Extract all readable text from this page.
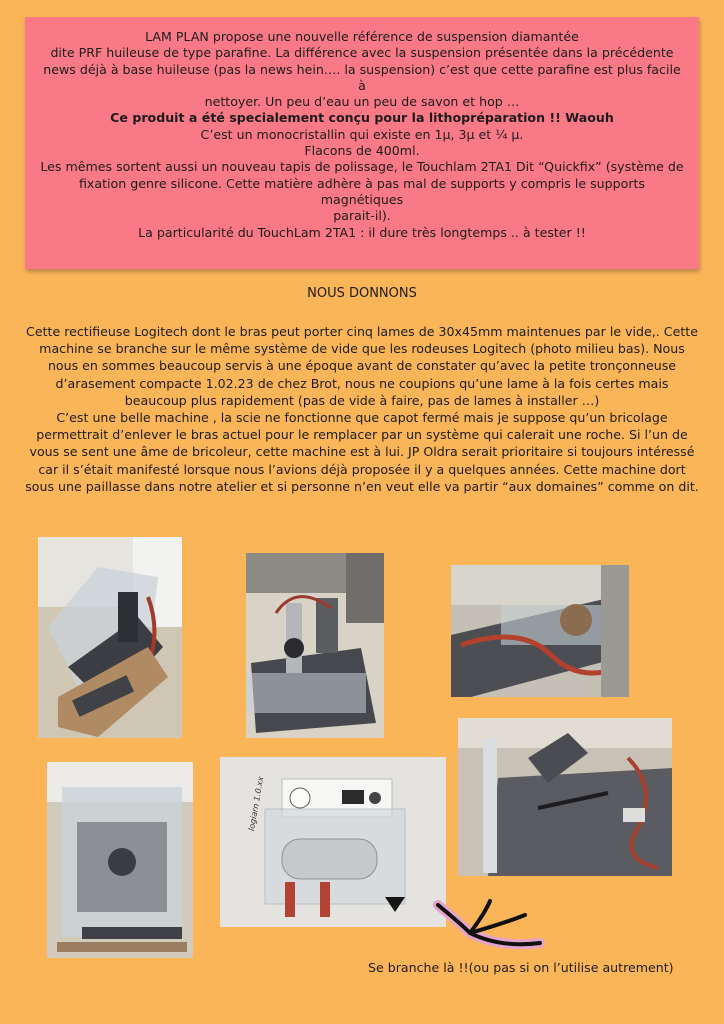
LAM PLAN propose une nouvelle référence de suspension diamantée

dite PRF huileuse de type parafine. La différence avec la suspension présentée dans la précédente

news déjà à base huileuse (pas la news hein…. la suspension) c’est que cette parafine est plus facile à

nettoyer. Un peu d’eau un peu de savon et hop …

Ce produit a été specialement conçu pour la lithopréparation !! Waouh

C’est un monocristallin qui existe en 1µ, 3µ et ¼ µ.

Flacons de 400ml.

Les mêmes sortent aussi un nouveau tapis de polissage, le Touchlam 2TA1 Dit “Quickfix” (système de

fixation genre silicone. Cette matière adhère à pas mal de supports y compris le supports magnétiques

parait-il).

La particularité du TouchLam 2TA1 : il dure très longtemps .. à tester !!

NOUS DONNONS

Cette rectifieuse Logitech dont le bras peut porter cinq lames de 30x45mm maintenues par le vide,. Cette

machine se branche sur le même système de vide que les rodeuses Logitech (photo milieu bas). Nous

nous en sommes beaucoup servis à une époque avant de constater qu’avec la petite tronçonneuse

d’arasement compacte 1.02.23 de chez Brot, nous ne coupions qu’une lame à la fois certes mais

beaucoup plus rapidement (pas de vide à faire, pas de lames à installer …)

C’est une belle machine , la scie ne fonctionne que capot fermé mais je suppose qu’un bricolage

permettrait d’enlever le bras actuel pour le remplacer par un système qui calerait une roche. Si l’un de

vous se sent une âme de bricoleur, cette machine est à lui. JP Oldra serait prioritaire si toujours intéressé

car il s’était manifesté lorsque nous l’avions déjà proposée il y a quelques années. Cette machine dort

sous une paillasse dans notre atelier et si personne n’en veut elle va partir “aux domaines” comme on dit.

logiarn 1.0.xx
Se branche là !!(ou pas si on l’utilise autrement)
